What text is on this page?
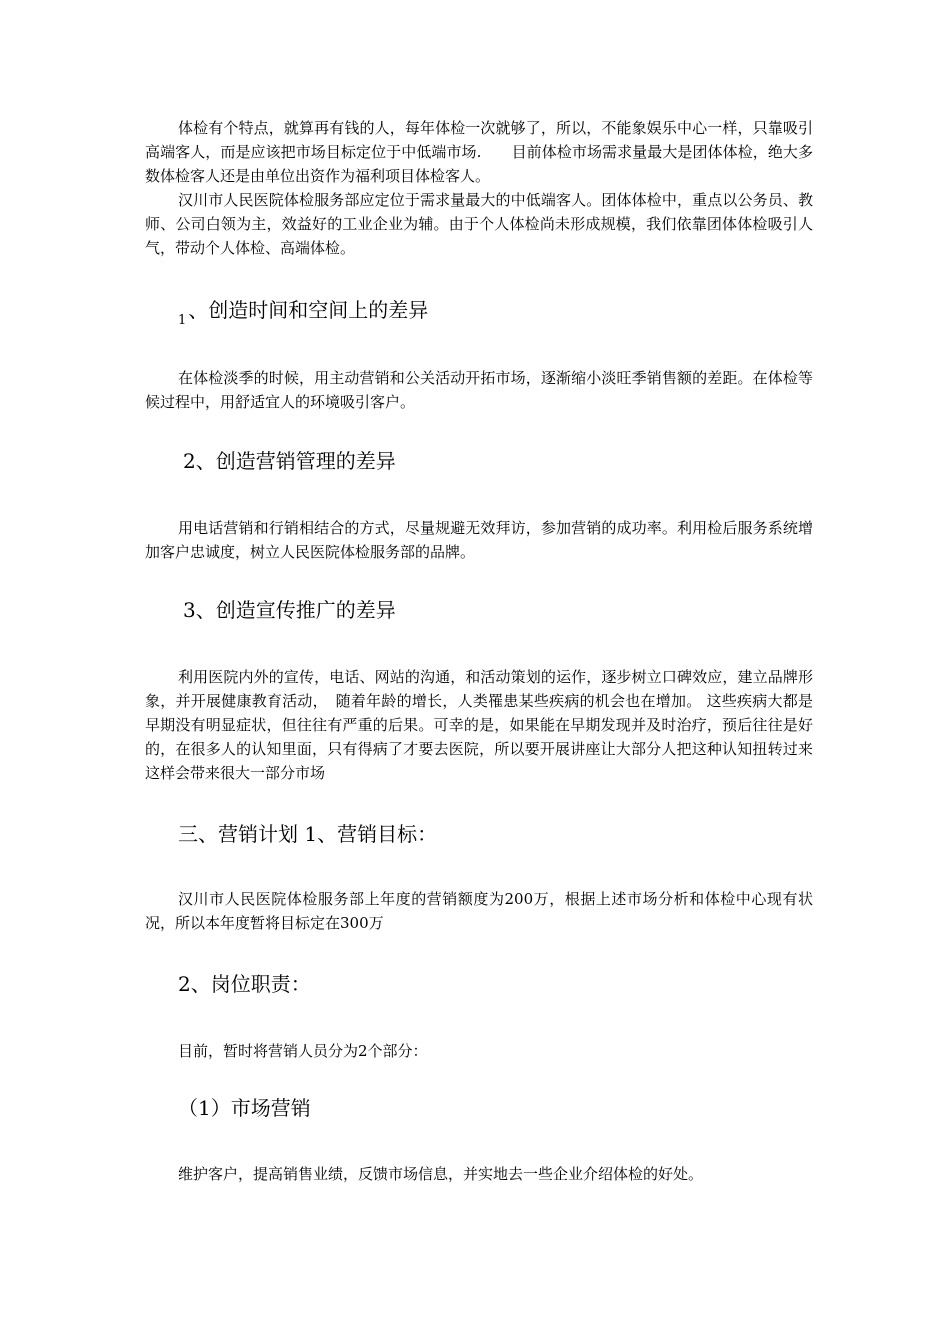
体检有个特点，就算再有钱的人，每年体检一次就够了，所以，不能象娱乐中心一样，只靠吸引高端客人，而是应该把市场目标定位于中低端市场.　　目前体检市场需求量最大是团体体检，绝大多数体检客人还是由单位出资作为福利项目体检客人。

汉川市人民医院体检服务部应定位于需求量最大的中低端客人。团体体检中，重点以公务员、教师、公司白领为主，效益好的工业企业为辅。由于个人体检尚未形成规模，我们依靠团体体检吸引人气，带动个人体检、高端体检。

$_1$ 、创造时间和空间上的差异

在体检淡季的时候，用主动营销和公关活动开拓市场，逐渐缩小淡旺季销售额的差距。在体检等候过程中，用舒适宜人的环境吸引客户。

2、创造营销管理的差异

用电话营销和行销相结合的方式，尽量规避无效拜访，参加营销的成功率。利用检后服务系统增加客户忠诚度，树立人民医院体检服务部的品牌。

3、创造宣传推广的差异

利用医院内外的宣传，电话、网站的沟通，和活动策划的运作，逐步树立口碑效应，建立品牌形象，并开展健康教育活动，　随着年龄的增长，人类罹患某些疾病的机会也在增加。 这些疾病大都是早期没有明显症状，但往往有严重的后果。可幸的是，如果能在早期发现并及时治疗，预后往往是好的，在很多人的认知里面，只有得病了才要去医院，所以要开展讲座让大部分人把这种认知扭转过来这样会带来很大一部分市场

三、营销计划 1、营销目标：

汉川市人民医院体检服务部上年度的营销额度为200万，根据上述市场分析和体检中心现有状况，所以本年度暂将目标定在300万

2、岗位职责：

目前，暂时将营销人员分为2个部分：

（1）市场营销

维护客户，提高销售业绩，反馈市场信息，并实地去一些企业介绍体检的好处。
